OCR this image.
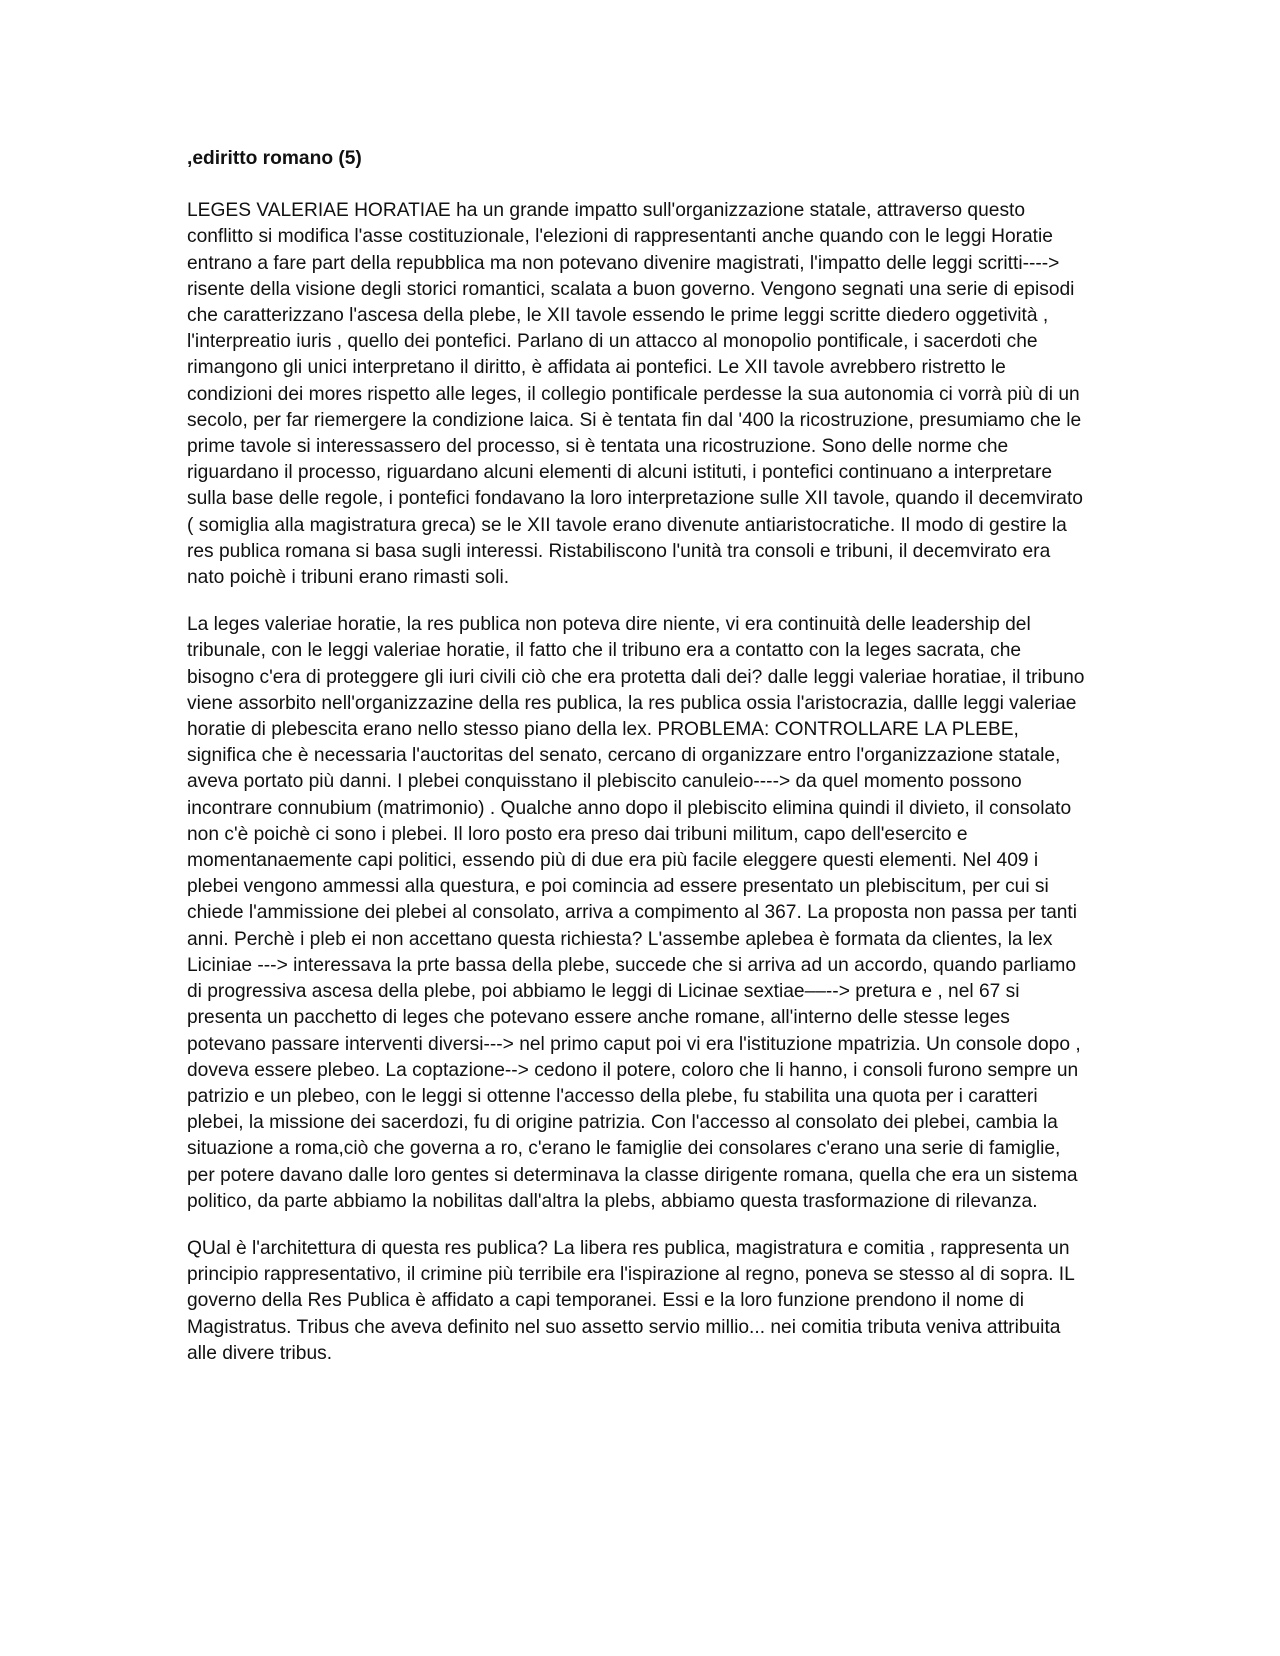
,ediritto romano (5)

LEGES VALERIAE HORATIAE ha un grande impatto sull'organizzazione statale, attraverso questo conflitto si modifica l'asse costituzionale, l'elezioni di rappresentanti anche quando con le leggi Horatie entrano a fare part della repubblica ma non potevano divenire magistrati, l'impatto delle leggi scritti----> risente della visione degli storici romantici, scalata a buon governo. Vengono segnati una serie di episodi che caratterizzano l'ascesa della plebe, le XII tavole essendo le prime leggi scritte diedero oggetività , l'interpreatio iuris , quello dei pontefici. Parlano di un attacco al monopolio pontificale, i sacerdoti che rimangono gli unici interpretano il diritto, è affidata ai pontefici. Le XII tavole avrebbero ristretto le condizioni dei mores rispetto alle leges, il collegio pontificale perdesse la sua autonomia ci vorrà più di un secolo, per far riemergere la condizione laica. Si è tentata fin dal '400 la ricostruzione, presumiamo che le prime tavole si interessassero del processo, si è tentata una ricostruzione. Sono delle norme che riguardano il processo, riguardano alcuni elementi di alcuni istituti, i pontefici continuano a interpretare sulla base delle regole, i pontefici fondavano la loro interpretazione sulle XII tavole, quando il decemvirato ( somiglia alla magistratura greca) se le XII tavole erano divenute antiaristocratiche. Il modo di gestire la res publica romana si basa sugli interessi. Ristabiliscono l'unità tra consoli e tribuni, il decemvirato era nato poichè i tribuni erano rimasti soli.

La leges valeriae horatie, la res publica non poteva dire niente, vi era continuità delle leadership del tribunale, con le leggi valeriae horatie, il fatto che il tribuno era a contatto con la leges sacrata, che bisogno c'era di proteggere gli iuri civili ciò che era protetta dali dei? dalle leggi valeriae horatiae, il tribuno viene assorbito nell'organizzazine della res publica, la res publica ossia l'aristocrazia, dallle leggi valeriae horatie di plebescita erano nello stesso piano della lex. PROBLEMA: CONTROLLARE LA PLEBE, significa che è necessaria l'auctoritas del senato, cercano di organizzare entro l'organizzazione statale, aveva portato più danni. I plebei conquisstano il plebiscito canuleio----> da quel momento possono incontrare connubium (matrimonio) . Qualche anno dopo il plebiscito elimina quindi il divieto, il consolato non c'è poichè ci sono i plebei. Il loro posto era preso dai tribuni militum, capo dell'esercito e momentanaemente capi politici, essendo più di due era più facile eleggere questi elementi. Nel 409 i plebei vengono ammessi alla questura, e poi comincia ad essere presentato un plebiscitum, per cui si chiede l'ammissione dei plebei al consolato, arriva a compimento al 367. La proposta non passa per tanti anni. Perchè i pleb ei non accettano questa richiesta? L'assembe aplebea è formata da clientes, la lex Liciniae ---> interessava la prte bassa della plebe, succede che si arriva ad un accordo, quando parliamo di progressiva ascesa della plebe, poi abbiamo le leggi di Licinae sextiae––--> pretura e , nel 67 si presenta un pacchetto di leges che potevano essere anche romane, all'interno delle stesse leges potevano passare interventi diversi---> nel primo caput poi vi era l'istituzione mpatrizia. Un console dopo , doveva essere plebeo. La coptazione--> cedono il potere, coloro che li hanno, i consoli furono sempre un patrizio e un plebeo, con le leggi si ottenne l'accesso della plebe, fu stabilita una quota per i caratteri plebei, la missione dei sacerdozi, fu di origine patrizia. Con l'accesso al consolato dei plebei, cambia la situazione a roma,ciò che governa a ro, c'erano le famiglie dei consolares c'erano una serie di famiglie, per potere davano dalle loro gentes si determinava la classe dirigente romana, quella che era un sistema politico, da parte abbiamo la nobilitas dall'altra la plebs, abbiamo questa trasformazione di rilevanza.

QUal è l'architettura di questa res publica? La libera res publica, magistratura e comitia , rappresenta un principio rappresentativo, il crimine più terribile era l'ispirazione al regno, poneva se stesso al di sopra. IL governo della Res Publica è affidato a capi temporanei. Essi e la loro funzione prendono il nome di Magistratus. Tribus che aveva definito nel suo assetto servio millio... nei comitia tributa veniva attribuita alle divere tribus.
